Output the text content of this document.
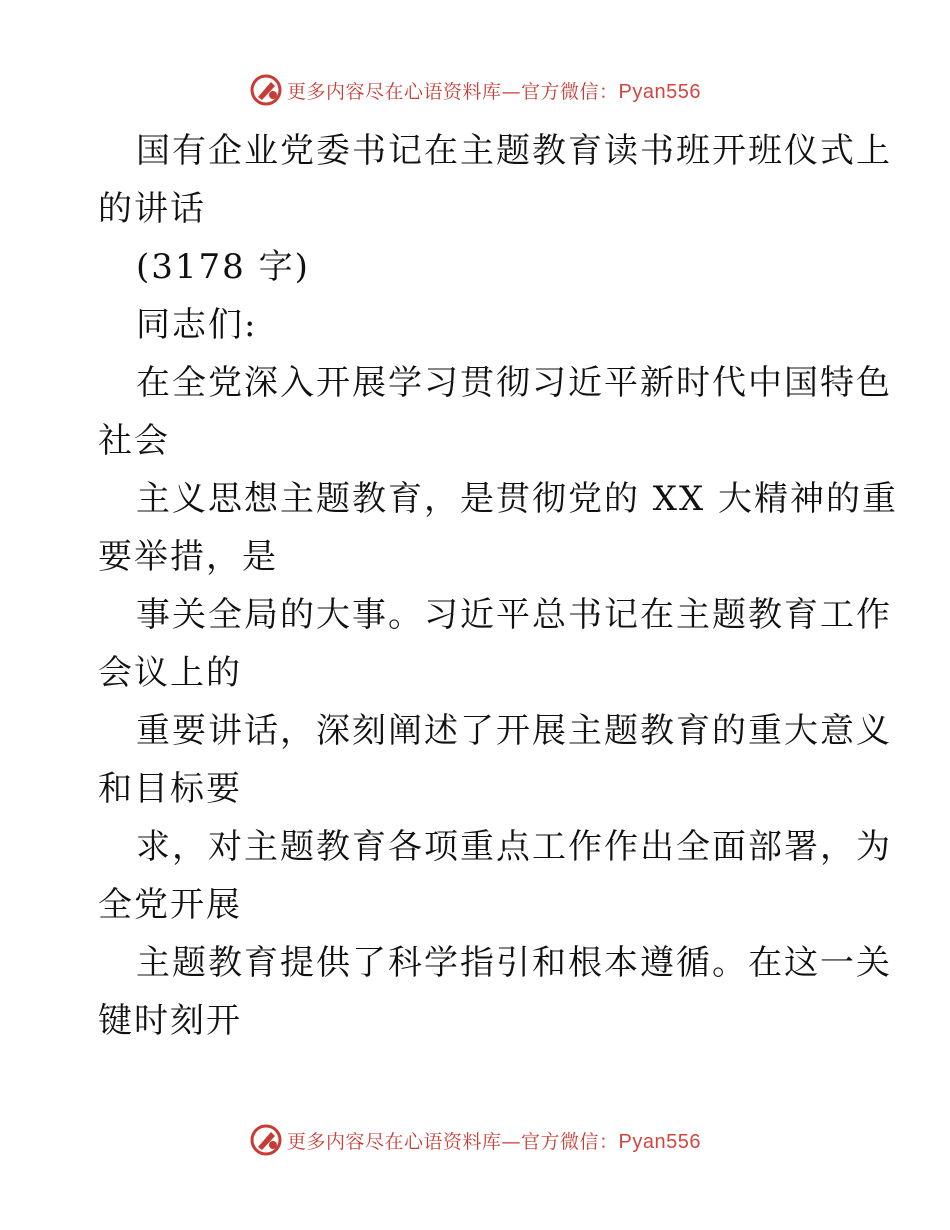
更多内容尽在心语资料库—官方微信：Pyan556
国有企业党委书记在主题教育读书班开班仪式上
的讲话
(3178 字)
同志们:
在全党深入开展学习贯彻习近平新时代中国特色
社会
主义思想主题教育，是贯彻党的 XX 大精神的重
要举措，是
事关全局的大事。习近平总书记在主题教育工作
会议上的
重要讲话，深刻阐述了开展主题教育的重大意义
和目标要
求，对主题教育各项重点工作作出全面部署，为
全党开展
主题教育提供了科学指引和根本遵循。在这一关
键时刻开
更多内容尽在心语资料库—官方微信：Pyan556
